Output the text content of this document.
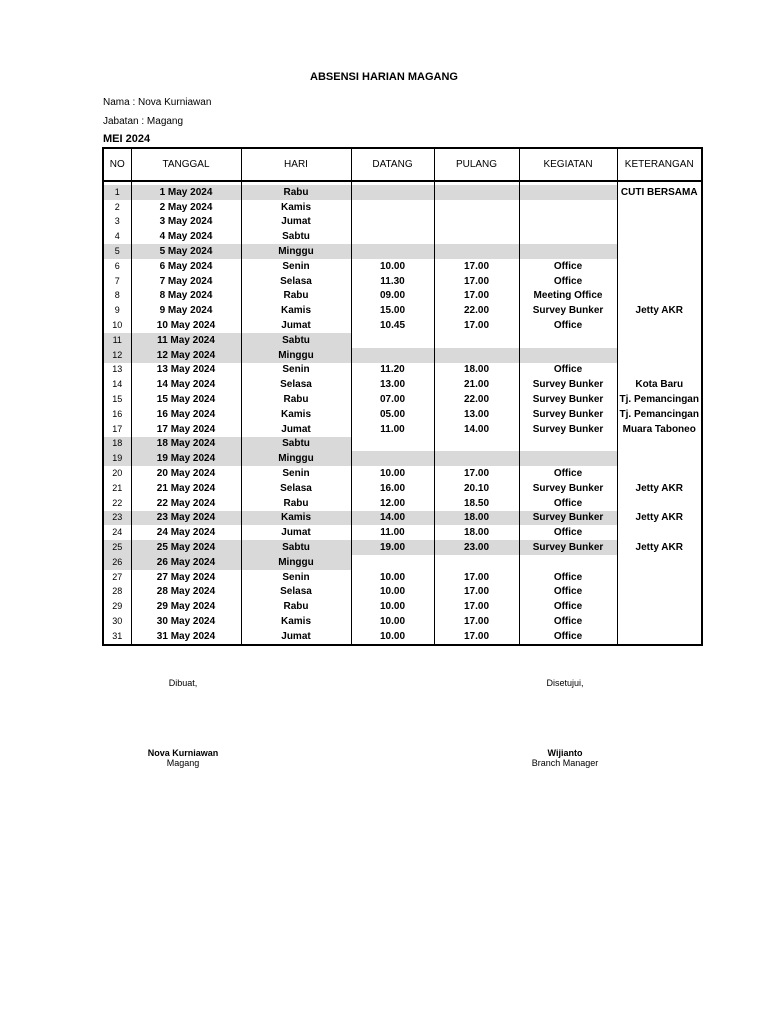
ABSENSI HARIAN MAGANG
Nama : Nova Kurniawan
Jabatan : Magang
MEI 2024
NO	TANGGAL	HARI	DATANG	PULANG	KEGIATAN	KETERANGAN

1	1 May 2024	Rabu				CUTI BERSAMA
2	2 May 2024	Kamis				
3	3 May 2024	Jumat				
4	4 May 2024	Sabtu				
5	5 May 2024	Minggu				
6	6 May 2024	Senin	10.00	17.00	Office	
7	7 May 2024	Selasa	11.30	17.00	Office	
8	8 May 2024	Rabu	09.00	17.00	Meeting Office	
9	9 May 2024	Kamis	15.00	22.00	Survey Bunker	Jetty AKR
10	10 May 2024	Jumat	10.45	17.00	Office	
11	11 May 2024	Sabtu				
12	12 May 2024	Minggu				
13	13 May 2024	Senin	11.20	18.00	Office	
14	14 May 2024	Selasa	13.00	21.00	Survey Bunker	Kota Baru
15	15 May 2024	Rabu	07.00	22.00	Survey Bunker	Tj. Pemancingan
16	16 May 2024	Kamis	05.00	13.00	Survey Bunker	Tj. Pemancingan
17	17 May 2024	Jumat	11.00	14.00	Survey Bunker	Muara Taboneo
18	18 May 2024	Sabtu				
19	19 May 2024	Minggu				
20	20 May 2024	Senin	10.00	17.00	Office	
21	21 May 2024	Selasa	16.00	20.10	Survey Bunker	Jetty AKR
22	22 May 2024	Rabu	12.00	18.50	Office	
23	23 May 2024	Kamis	14.00	18.00	Survey Bunker	Jetty AKR
24	24 May 2024	Jumat	11.00	18.00	Office	
25	25 May 2024	Sabtu	19.00	23.00	Survey Bunker	Jetty AKR
26	26 May 2024	Minggu				
27	27 May 2024	Senin	10.00	17.00	Office	
28	28 May 2024	Selasa	10.00	17.00	Office	
29	29 May 2024	Rabu	10.00	17.00	Office	
30	30 May 2024	Kamis	10.00	17.00	Office	
31	31 May 2024	Jumat	10.00	17.00	Office	
Dibuat,
Nova Kurniawan
Magang
Disetujui,
Wijianto
Branch Manager
